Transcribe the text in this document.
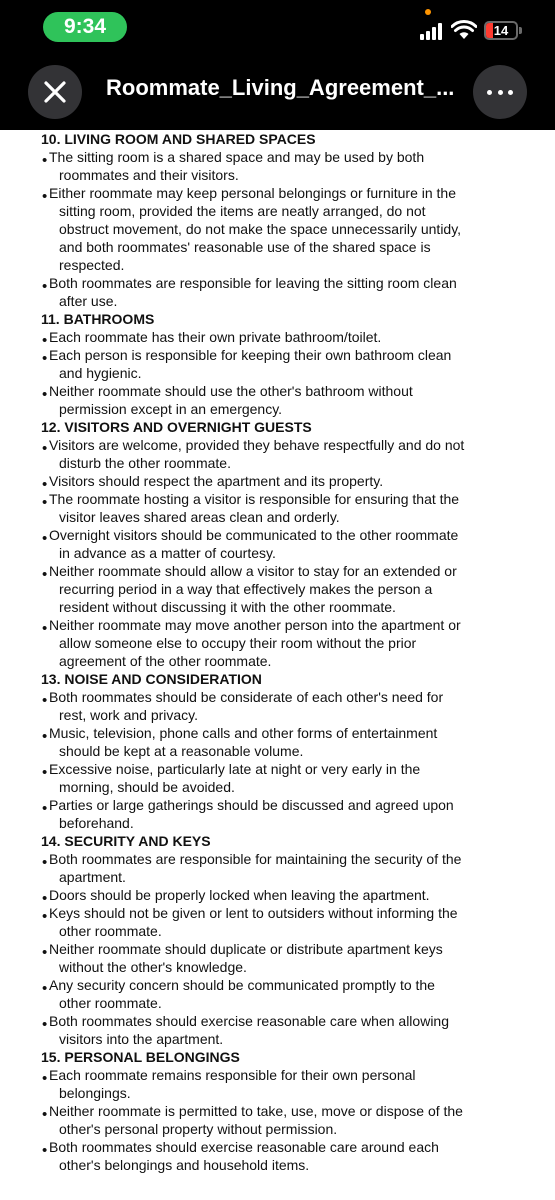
9:34	14
Roommate_Living_Agreement_...
10. LIVING ROOM AND SHARED SPACES
• The sitting room is a shared space and may be used by both
roommates and their visitors.
• Either roommate may keep personal belongings or furniture in the
sitting room, provided the items are neatly arranged, do not
obstruct movement, do not make the space unnecessarily untidy,
and both roommates' reasonable use of the shared space is
respected.
• Both roommates are responsible for leaving the sitting room clean
after use.
11. BATHROOMS
• Each roommate has their own private bathroom/toilet.
• Each person is responsible for keeping their own bathroom clean
and hygienic.
• Neither roommate should use the other's bathroom without
permission except in an emergency.
12. VISITORS AND OVERNIGHT GUESTS
• Visitors are welcome, provided they behave respectfully and do not
disturb the other roommate.
• Visitors should respect the apartment and its property.
• The roommate hosting a visitor is responsible for ensuring that the
visitor leaves shared areas clean and orderly.
• Overnight visitors should be communicated to the other roommate
in advance as a matter of courtesy.
• Neither roommate should allow a visitor to stay for an extended or
recurring period in a way that effectively makes the person a
resident without discussing it with the other roommate.
• Neither roommate may move another person into the apartment or
allow someone else to occupy their room without the prior
agreement of the other roommate.
13. NOISE AND CONSIDERATION
• Both roommates should be considerate of each other's need for
rest, work and privacy.
• Music, television, phone calls and other forms of entertainment
should be kept at a reasonable volume.
• Excessive noise, particularly late at night or very early in the
morning, should be avoided.
• Parties or large gatherings should be discussed and agreed upon
beforehand.
14. SECURITY AND KEYS
• Both roommates are responsible for maintaining the security of the
apartment.
• Doors should be properly locked when leaving the apartment.
• Keys should not be given or lent to outsiders without informing the
other roommate.
• Neither roommate should duplicate or distribute apartment keys
without the other's knowledge.
• Any security concern should be communicated promptly to the
other roommate.
• Both roommates should exercise reasonable care when allowing
visitors into the apartment.
15. PERSONAL BELONGINGS
• Each roommate remains responsible for their own personal
belongings.
• Neither roommate is permitted to take, use, move or dispose of the
other's personal property without permission.
• Both roommates should exercise reasonable care around each
other's belongings and household items.
